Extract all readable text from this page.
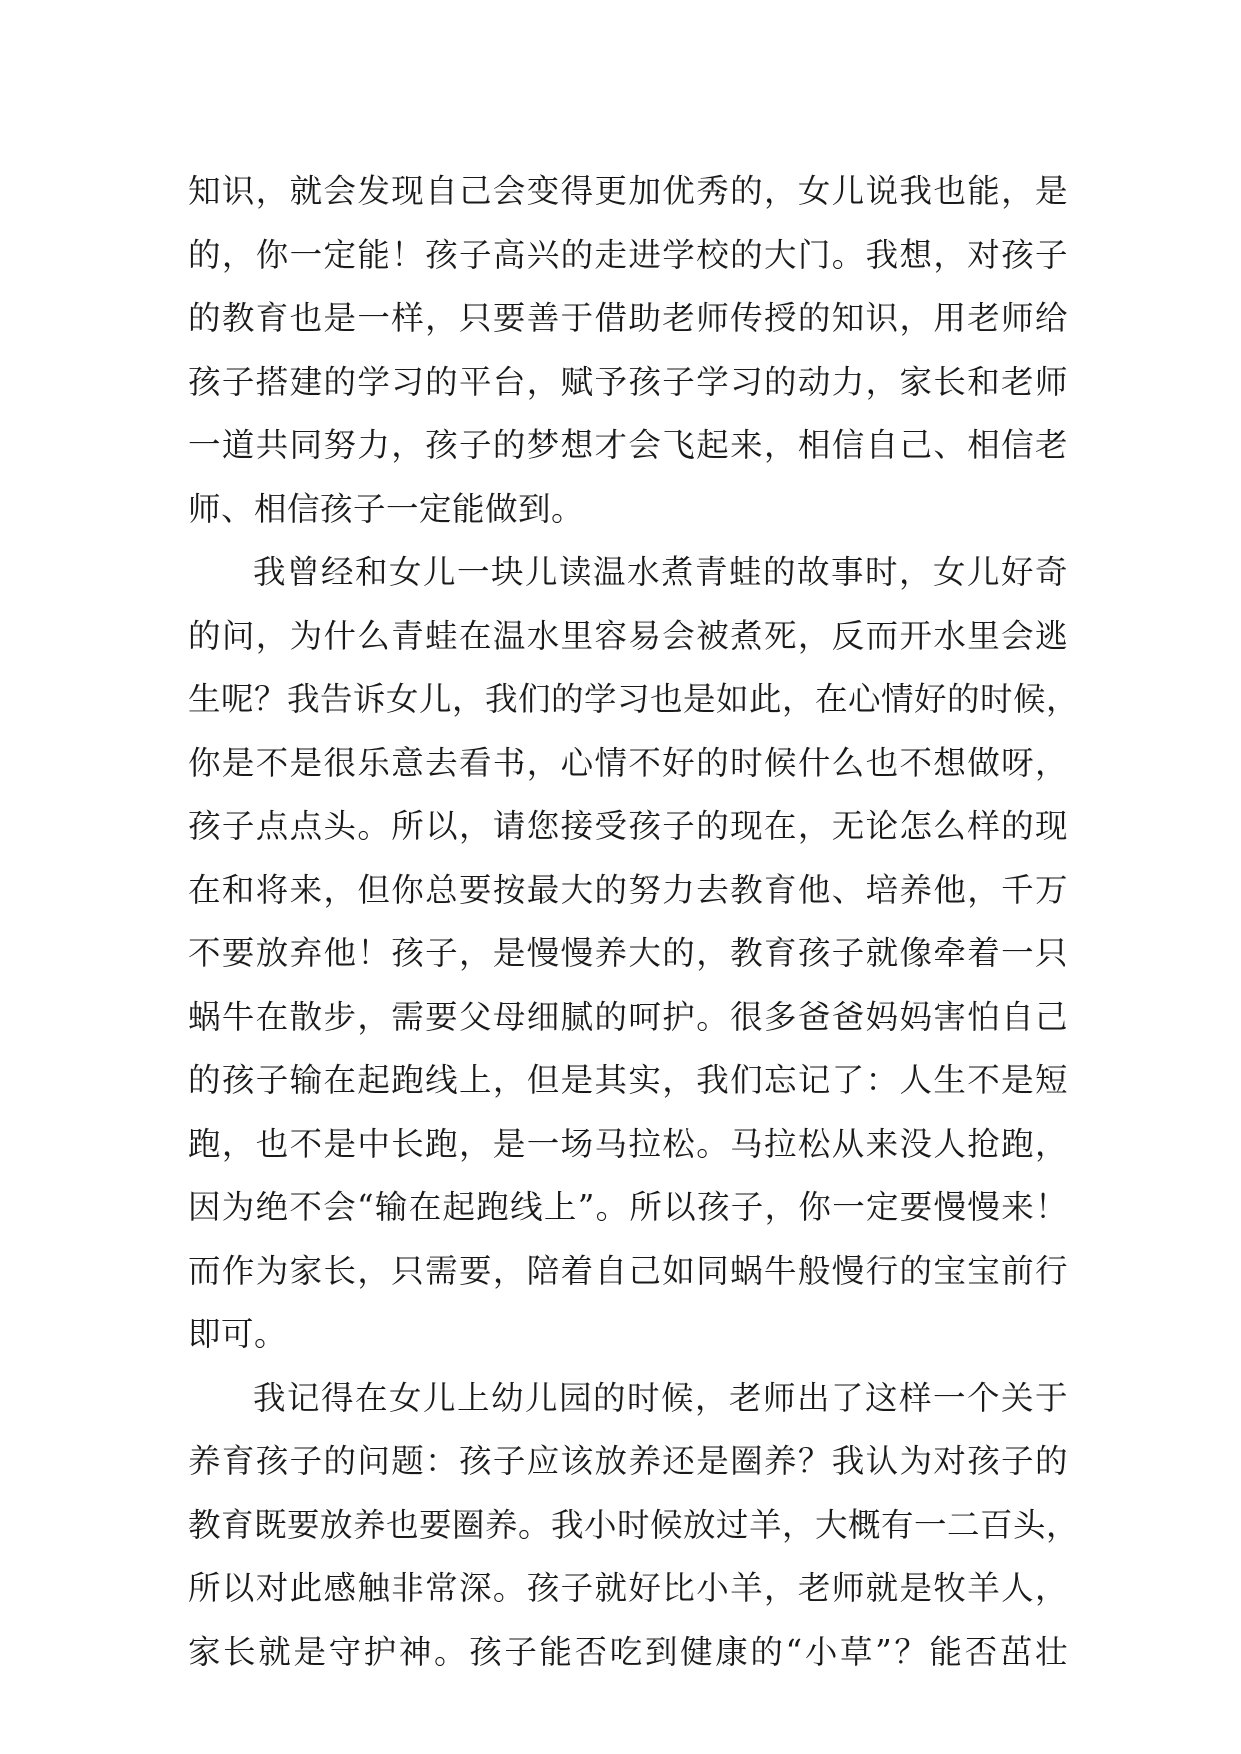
知识，就会发现自己会变得更加优秀的，女儿说我也能，是
的，你一定能！孩子高兴的走进学校的大门。我想，对孩子
的教育也是一样，只要善于借助老师传授的知识，用老师给
孩子搭建的学习的平台，赋予孩子学习的动力，家长和老师
一道共同努力，孩子的梦想才会飞起来，相信自己、相信老
师、相信孩子一定能做到。
我曾经和女儿一块儿读温水煮青蛙的故事时，女儿好奇
的问，为什么青蛙在温水里容易会被煮死，反而开水里会逃
生呢？我告诉女儿，我们的学习也是如此，在心情好的时候，
你是不是很乐意去看书，心情不好的时候什么也不想做呀，
孩子点点头。所以，请您接受孩子的现在，无论怎么样的现
在和将来，但你总要按最大的努力去教育他、培养他，千万
不要放弃他！孩子，是慢慢养大的，教育孩子就像牵着一只
蜗牛在散步，需要父母细腻的呵护。很多爸爸妈妈害怕自己
的孩子输在起跑线上，但是其实，我们忘记了：人生不是短
跑，也不是中长跑，是一场马拉松。马拉松从来没人抢跑，
因为绝不会“输在起跑线上”。所以孩子，你一定要慢慢来！
而作为家长，只需要，陪着自己如同蜗牛般慢行的宝宝前行
即可。
我记得在女儿上幼儿园的时候，老师出了这样一个关于
养育孩子的问题：孩子应该放养还是圈养？我认为对孩子的
教育既要放养也要圈养。我小时候放过羊，大概有一二百头，
所以对此感触非常深。孩子就好比小羊，老师就是牧羊人，
家长就是守护神。孩子能否吃到健康的“小草”？能否茁壮
